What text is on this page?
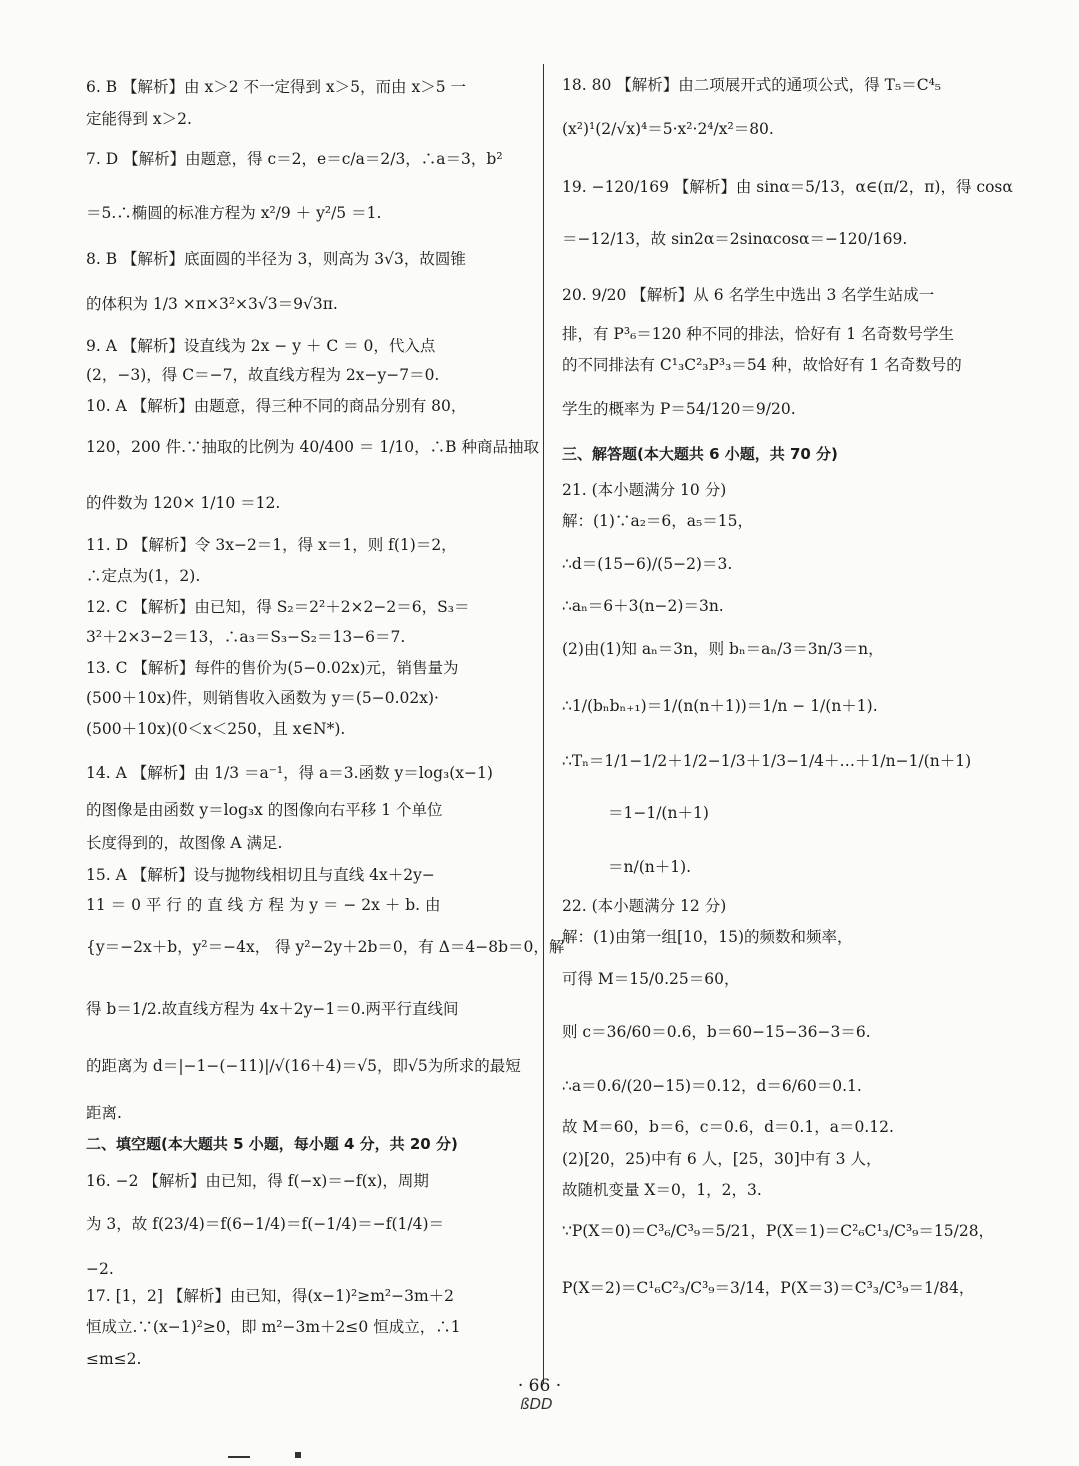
6. B 【解析】由 x＞2 不一定得到 x＞5，而由 x＞5 一
定能得到 x＞2.
7. D 【解析】由题意，得 c＝2，e＝c/a＝2/3，∴a＝3，b²
＝5.∴椭圆的标准方程为 x²/9 ＋ y²/5 ＝1.
8. B 【解析】底面圆的半径为 3，则高为 3√3，故圆锥
的体积为 1/3 ×π×3²×3√3＝9√3π.
9. A 【解析】设直线为 2x − y ＋ C ＝ 0，代入点
(2，−3)，得 C＝−7，故直线方程为 2x−y−7＝0.
10. A 【解析】由题意，得三种不同的商品分别有 80，
120，200 件.∵抽取的比例为 40/400 ＝ 1/10，∴B 种商品抽取
的件数为 120× 1/10 ＝12.
11. D 【解析】令 3x−2＝1，得 x＝1，则 f(1)＝2，
∴定点为(1，2).
12. C 【解析】由已知，得 S₂＝2²＋2×2−2＝6，S₃＝
3²＋2×3−2＝13，∴a₃＝S₃−S₂＝13−6＝7.
13. C 【解析】每件的售价为(5−0.02x)元，销售量为
(500＋10x)件，则销售收入函数为 y＝(5−0.02x)·
(500＋10x)(0＜x＜250，且 x∈N*).
14. A 【解析】由 1/3 ＝a⁻¹，得 a＝3.函数 y＝log₃(x−1)
的图像是由函数 y＝log₃x 的图像向右平移 1 个单位
长度得到的，故图像 A 满足.
15. A 【解析】设与抛物线相切且与直线 4x＋2y−
11 ＝ 0 平 行 的 直 线 方 程 为 y ＝ − 2x ＋ b. 由
{y＝−2x＋b，y²＝−4x， 得 y²−2y＋2b＝0，有 Δ＝4−8b＝0，解
得 b＝1/2.故直线方程为 4x＋2y−1＝0.两平行直线间
的距离为 d＝|−1−(−11)|/√(16＋4)＝√5，即√5为所求的最短
距离.
二、填空题(本大题共 5 小题，每小题 4 分，共 20 分)
16. −2 【解析】由已知，得 f(−x)＝−f(x)，周期
为 3，故 f(23/4)＝f(6−1/4)＝f(−1/4)＝−f(1/4)＝
−2.
17. [1，2] 【解析】由已知，得(x−1)²≥m²−3m＋2
恒成立.∵(x−1)²≥0，即 m²−3m＋2≤0 恒成立，∴1
≤m≤2.
18. 80 【解析】由二项展开式的通项公式，得 T₅＝C⁴₅
(x²)¹(2/√x)⁴＝5·x²·2⁴/x²＝80.
19. −120/169 【解析】由 sinα＝5/13，α∈(π/2，π)，得 cosα
＝−12/13，故 sin2α＝2sinαcosα＝−120/169.
20. 9/20 【解析】从 6 名学生中选出 3 名学生站成一
排，有 P³₆＝120 种不同的排法，恰好有 1 名奇数号学生
的不同排法有 C¹₃C²₃P³₃＝54 种，故恰好有 1 名奇数号的
学生的概率为 P＝54/120＝9/20.
三、解答题(本大题共 6 小题，共 70 分)
21. (本小题满分 10 分)
解：(1)∵a₂＝6，a₅＝15，
∴d＝(15−6)/(5−2)＝3.
∴aₙ＝6＋3(n−2)＝3n.
(2)由(1)知 aₙ＝3n，则 bₙ＝aₙ/3＝3n/3＝n，
∴1/(bₙbₙ₊₁)＝1/(n(n＋1))＝1/n − 1/(n＋1).
∴Tₙ＝1/1−1/2＋1/2−1/3＋1/3−1/4＋…＋1/n−1/(n＋1)
＝1−1/(n＋1)
＝n/(n＋1).
22. (本小题满分 12 分)
解：(1)由第一组[10，15)的频数和频率，
可得 M＝15/0.25＝60，
则 c＝36/60＝0.6，b＝60−15−36−3＝6.
∴a＝0.6/(20−15)＝0.12，d＝6/60＝0.1.
故 M＝60，b＝6，c＝0.6，d＝0.1，a＝0.12.
(2)[20，25)中有 6 人，[25，30]中有 3 人，
故随机变量 X＝0，1，2，3.
∵P(X＝0)＝C³₆/C³₉＝5/21，P(X＝1)＝C²₆C¹₃/C³₉＝15/28，
P(X＝2)＝C¹₆C²₃/C³₉＝3/14，P(X＝3)＝C³₃/C³₉＝1/84，
· 66 ·
ßDD
